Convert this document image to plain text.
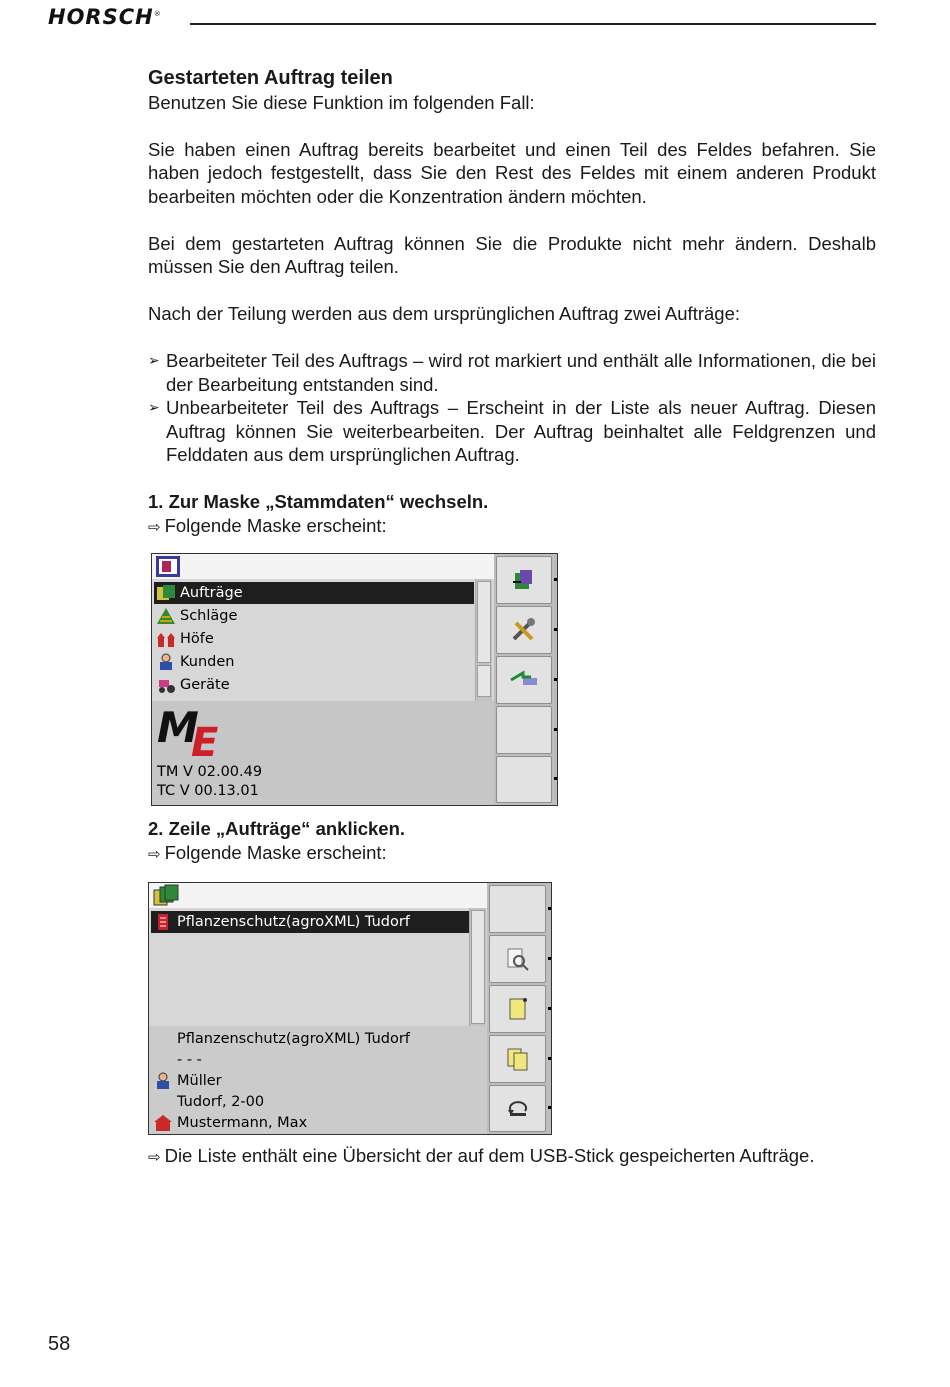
HORSCH®
Gestarteten Auftrag teilen

Benutzen Sie diese Funktion im folgenden Fall:

Sie haben einen Auftrag bereits bearbeitet und einen Teil des Feldes befahren. Sie haben jedoch festgestellt, dass Sie den Rest des Feldes mit einem anderen Produkt bearbeiten möchten oder die Konzentration ändern möchten.

Bei dem gestarteten Auftrag können Sie die Produkte nicht mehr ändern. Deshalb müssen Sie den Auftrag teilen.

Nach der Teilung werden aus dem ursprünglichen Auftrag zwei Aufträge:

➢ Bearbeiteter Teil des Auftrags – wird rot markiert und enthält alle Informationen, die bei der Bearbeitung entstanden sind.
➢ Unbearbeiteter Teil des Auftrags – Erscheint in der Liste als neuer Auftrag. Diesen Auftrag können Sie weiterbearbeiten. Der Auftrag beinhaltet alle Feldgrenzen und Felddaten aus dem ursprünglichen Auftrag.
1. Zur Maske „Stammdaten“ wechseln.
⇨ Folgende Maske erscheint:
Aufträge
Schläge
Höfe
Kunden
Geräte
M
E
TM V 02.00.49
TC V 00.13.01
2. Zeile „Aufträge“ anklicken.
⇨ Folgende Maske erscheint:
Pflanzenschutz(agroXML) Tudorf
Pflanzenschutz(agroXML) Tudorf
- - -
Müller
Tudorf, 2-00
Mustermann, Max
⇨ Die Liste enthält eine Übersicht der auf dem USB-Stick gespeicherten Aufträge.
58
